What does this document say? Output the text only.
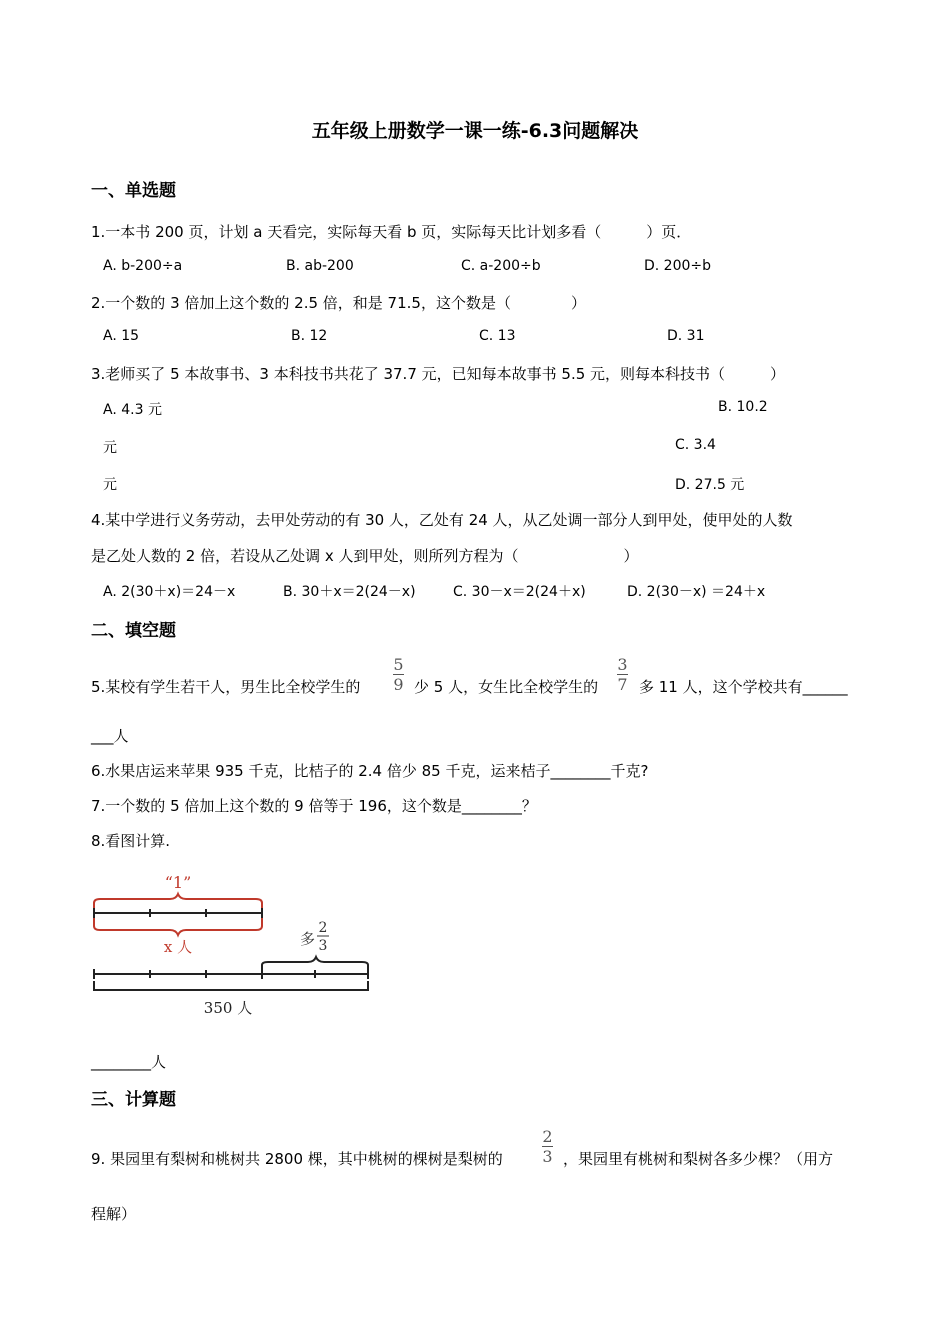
五年级上册数学一课一练-6.3问题解决
一、单选题
1.一本书 200 页，计划 a 天看完，实际每天看 b 页，实际每天比计划多看（　　　）页．
A. b-200÷a	B. ab-200	C. a-200÷b	D. 200÷b
2.一个数的 3 倍加上这个数的 2.5 倍，和是 71.5，这个数是（　　　　）
A. 15	B. 12	C. 13	D. 31
3.老师买了 5 本故事书、3 本科技书共花了 37.7 元，已知每本故事书 5.5 元，则每本科技书（　　　）
A. 4.3 元	B. 10.2
元	C. 3.4
元	D. 27.5 元
4.某中学进行义务劳动，去甲处劳动的有 30 人，乙处有 24 人，从乙处调一部分人到甲处，使甲处的人数
是乙处人数的 2 倍，若设从乙处调 x 人到甲处，则所列方程为（　　　　　　　）
A. 2(30＋x)＝24－x	B. 30＋x＝2(24－x)	C. 30－x＝2(24＋x)	D. 2(30－x) ＝24＋x
二、填空题
5.某校有学生若干人，男生比全校学生的
5
9 少 5 人，女生比全校学生的
3
7 多 11 人，这个学校共有______
___人
6.水果店运来苹果 935 千克，比桔子的 2.4 倍少 85 千克，运来桔子________千克?
7.一个数的 5 倍加上这个数的 9 倍等于 196，这个数是________？
8.看图计算.
“1”
x 人	多
2
3
350 人
________人
三、计算题
9. 果园里有梨树和桃树共 2800 棵，其中桃树的棵树是梨树的
2
3 ，果园里有桃树和梨树各多少棵？（用方
程解）
